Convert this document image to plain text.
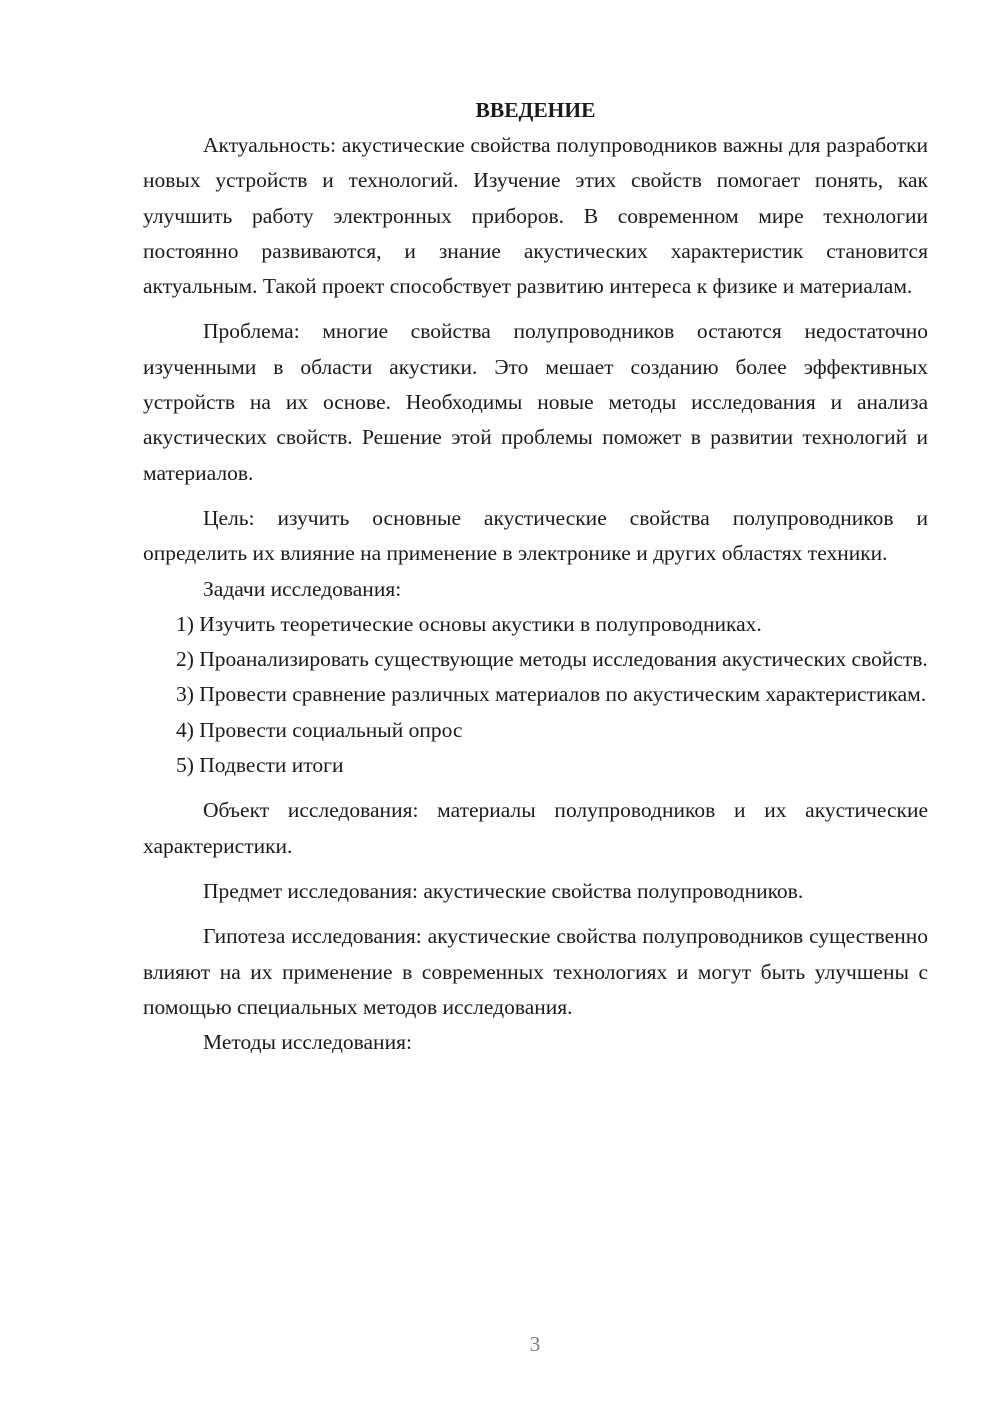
ВВЕДЕНИЕ

Актуальность: акустические свойства полупроводников важны для разработки новых устройств и технологий. Изучение этих свойств помогает понять, как улучшить работу электронных приборов. В современном мире технологии постоянно развиваются, и знание акустических характеристик становится актуальным. Такой проект способствует развитию интереса к физике и материалам.

Проблема: многие свойства полупроводников остаются недостаточно изученными в области акустики. Это мешает созданию более эффективных устройств на их основе. Необходимы новые методы исследования и анализа акустических свойств. Решение этой проблемы поможет в развитии технологий и материалов.

Цель: изучить основные акустические свойства полупроводников и определить их влияние на применение в электронике и других областях техники.

Задачи исследования:

1) Изучить теоретические основы акустики в полупроводниках.

2) Проанализировать существующие методы исследования акустических свойств.

3) Провести сравнение различных материалов по акустическим характеристикам.

4) Провести социальный опрос

5) Подвести итоги

Объект исследования: материалы полупроводников и их акустические характеристики.

Предмет исследования: акустические свойства полупроводников.

Гипотеза исследования: акустические свойства полупроводников существенно влияют на их применение в современных технологиях и могут быть улучшены с помощью специальных методов исследования.

Методы исследования:

3
